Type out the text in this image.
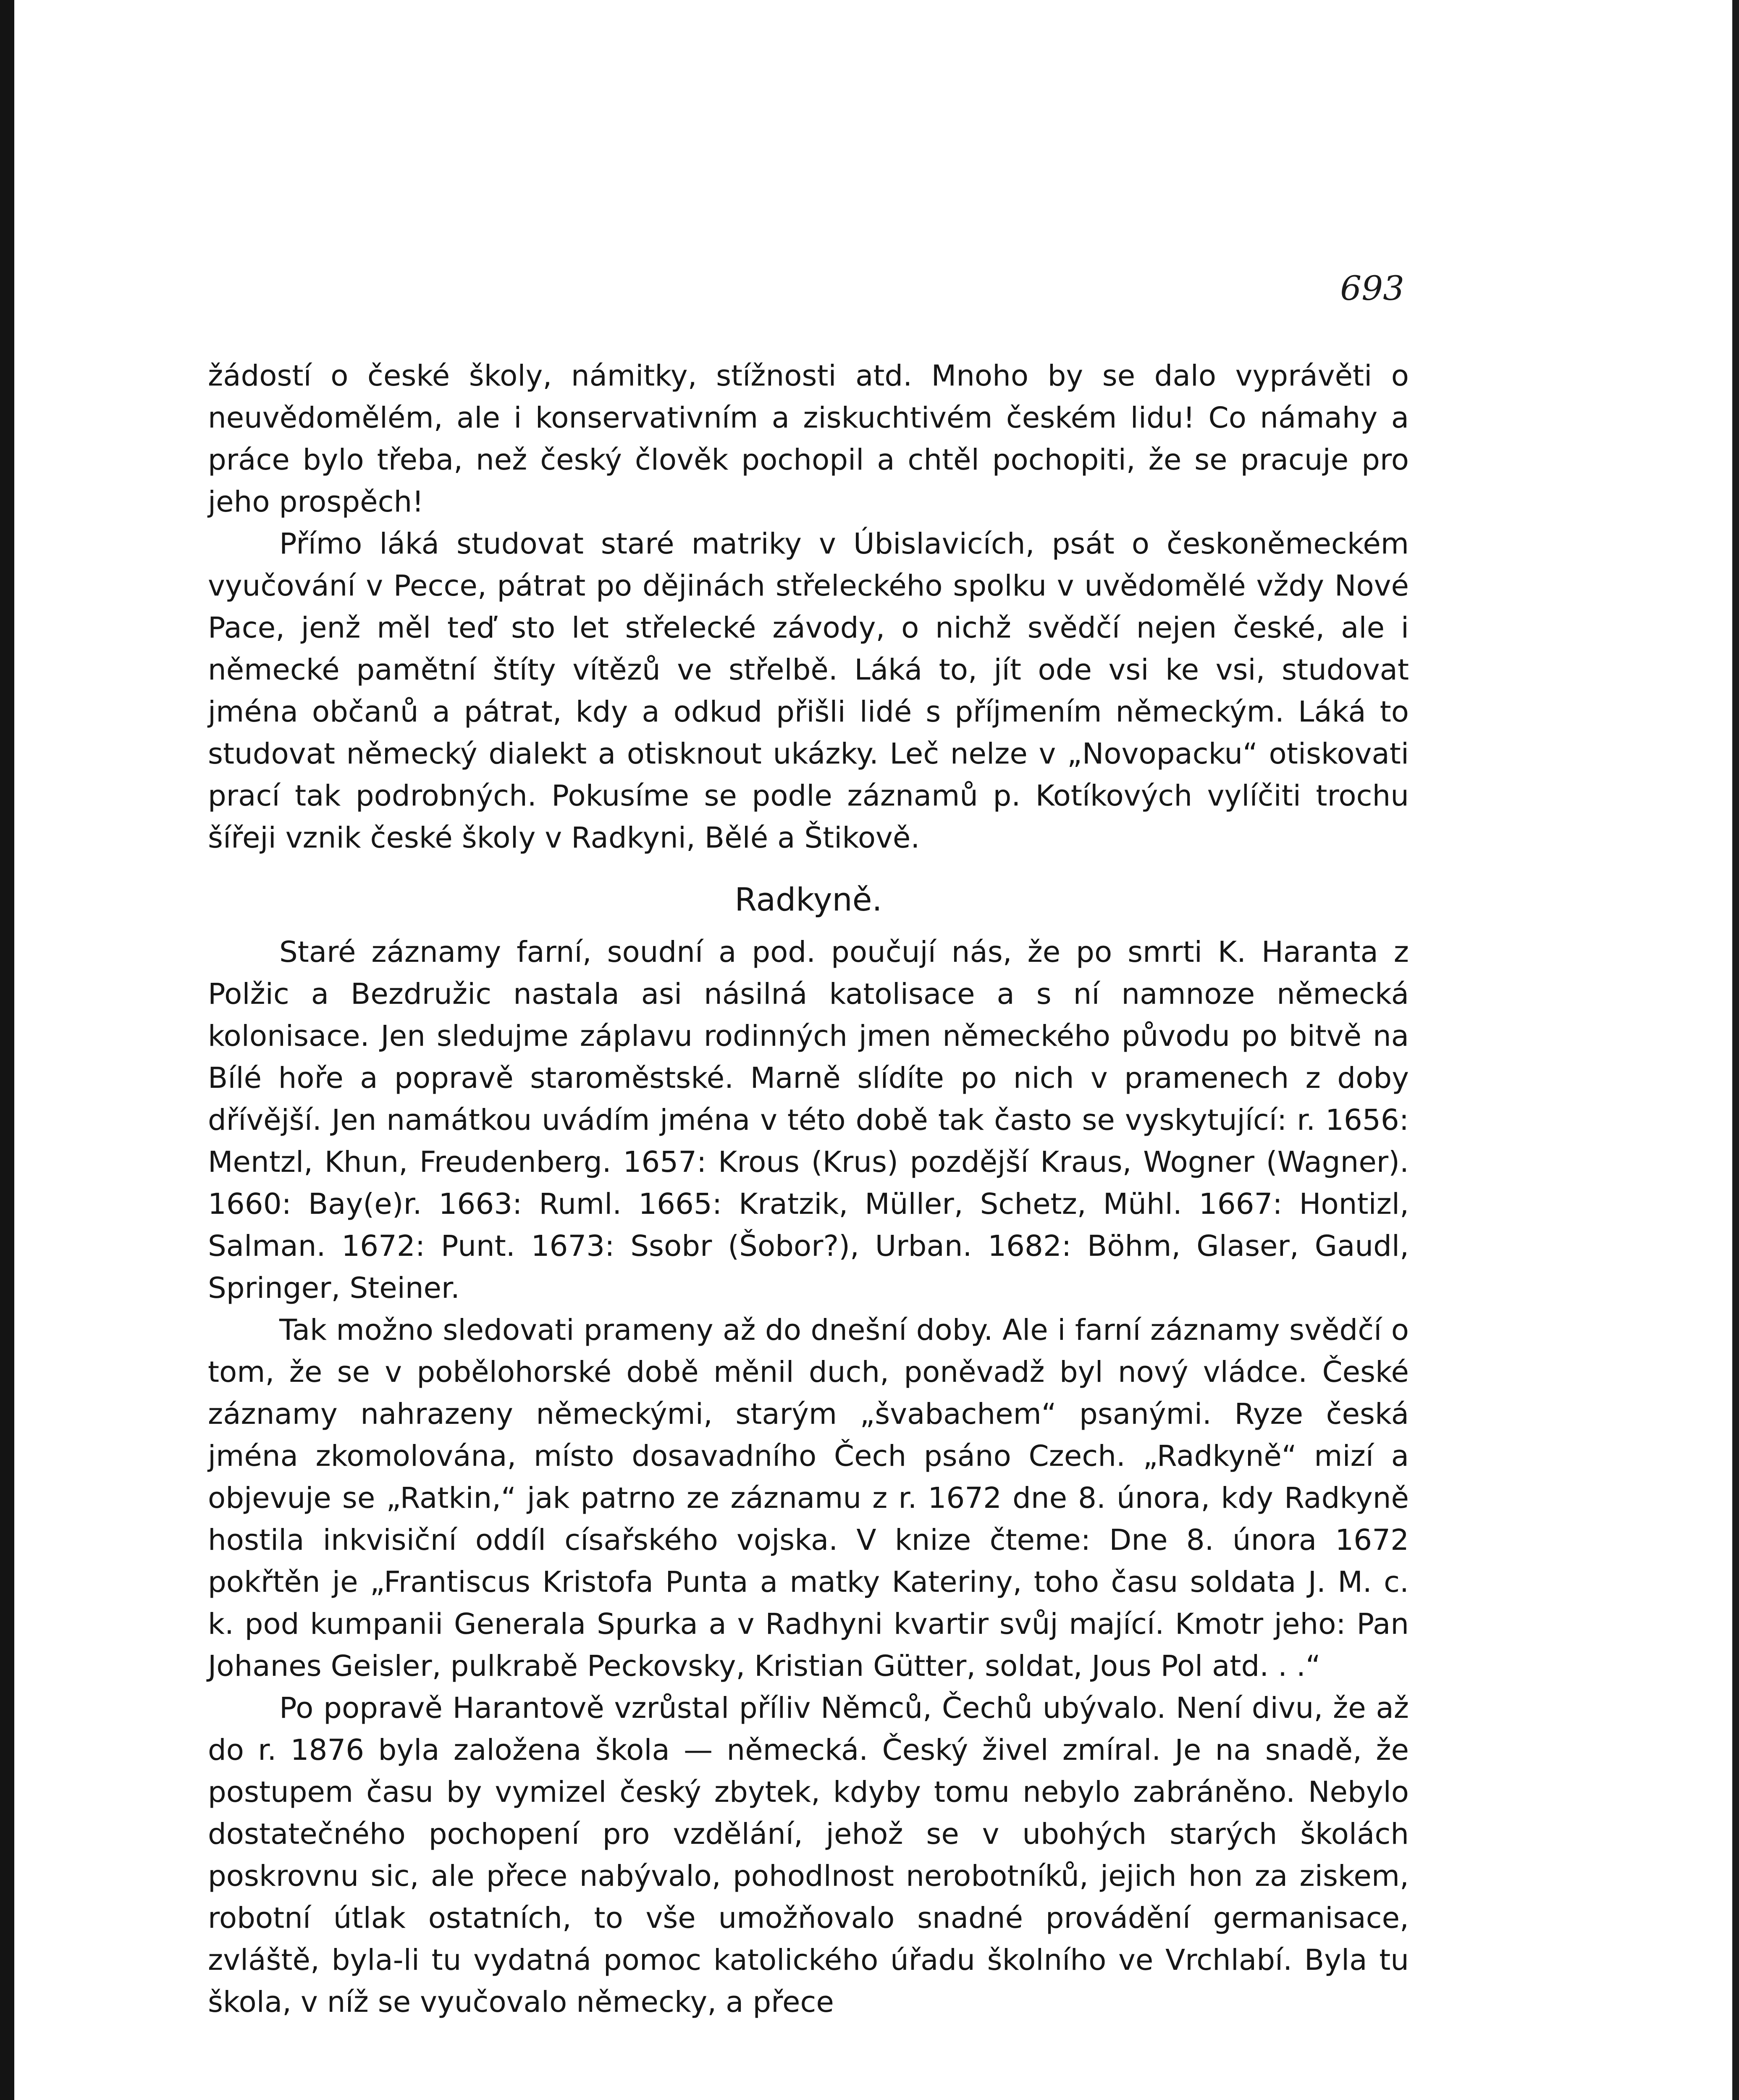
693

žádostí o české školy, námitky, stížnosti atd. Mnoho by se dalo vyprávěti o neuvědomělém, ale i konservativním a ziskuchtivém českém lidu! Co námahy a práce bylo třeba, než český člověk pochopil a chtěl pochopiti, že se pracuje pro jeho prospěch!

Přímo láká studovat staré matriky v Úbislavicích, psát o českoněmeckém vyučování v Pecce, pátrat po dějinách střeleckého spolku v uvědomělé vždy Nové Pace, jenž měl teď sto let střelecké závody, o nichž svědčí nejen české, ale i německé pamětní štíty vítězů ve střelbě. Láká to, jít ode vsi ke vsi, studovat jména občanů a pátrat, kdy a odkud přišli lidé s příjmením německým. Láká to studovat německý dialekt a otisknout ukázky. Leč nelze v „Novopacku“ otiskovati prací tak podrobných. Pokusíme se podle záznamů p. Kotíkových vylíčiti trochu šířeji vznik české školy v Radkyni, Bělé a Štikově.

Radkyně.

Staré záznamy farní, soudní a pod. poučují nás, že po smrti K. Haranta z Polžic a Bezdružic nastala asi násilná katolisace a s ní namnoze německá kolonisace. Jen sledujme záplavu rodinných jmen německého původu po bitvě na Bílé hoře a popravě staroměstské. Marně slídíte po nich v pramenech z doby dřívější. Jen namátkou uvádím jména v této době tak často se vyskytující: r. 1656: Mentzl, Khun, Freudenberg. 1657: Krous (Krus) pozdější Kraus, Wogner (Wagner). 1660: Bay(e)r. 1663: Ruml. 1665: Kratzik, Müller, Schetz, Mühl. 1667: Hontizl, Salman. 1672: Punt. 1673: Ssobr (Šobor?), Urban. 1682: Böhm, Glaser, Gaudl, Springer, Steiner.

Tak možno sledovati prameny až do dnešní doby. Ale i farní záznamy svědčí o tom, že se v pobělohorské době měnil duch, poněvadž byl nový vládce. České záznamy nahrazeny německými, starým „švabachem“ psanými. Ryze česká jména zkomolována, místo dosavadního Čech psáno Czech. „Radkyně“ mizí a objevuje se „Ratkin,“ jak patrno ze záznamu z r. 1672 dne 8. února, kdy Radkyně hostila inkvisiční oddíl císařského vojska. V knize čteme: Dne 8. února 1672 pokřtěn je „Frantiscus Kristofa Punta a matky Kateriny, toho času soldata J. M. c. k. pod kumpanii Generala Spurka a v Radhyni kvartir svůj mající. Kmotr jeho: Pan Johanes Geisler, pulkrabě Peckovsky, Kristian Gütter, soldat, Jous Pol atd. . .“

Po popravě Harantově vzrůstal příliv Němců, Čechů ubývalo. Není divu, že až do r. 1876 byla založena škola — německá. Český živel zmíral. Je na snadě, že postupem času by vymizel český zbytek, kdyby tomu nebylo zabráněno. Nebylo dostatečného pochopení pro vzdělání, jehož se v ubohých starých školách poskrovnu sic, ale přece nabývalo, pohodlnost nerobotníků, jejich hon za ziskem, robotní útlak ostatních, to vše umožňovalo snadné provádění germanisace, zvláště, byla-li tu vydatná pomoc katolického úřadu školního ve Vrchlabí. Byla tu škola, v níž se vyučovalo německy, a přece
